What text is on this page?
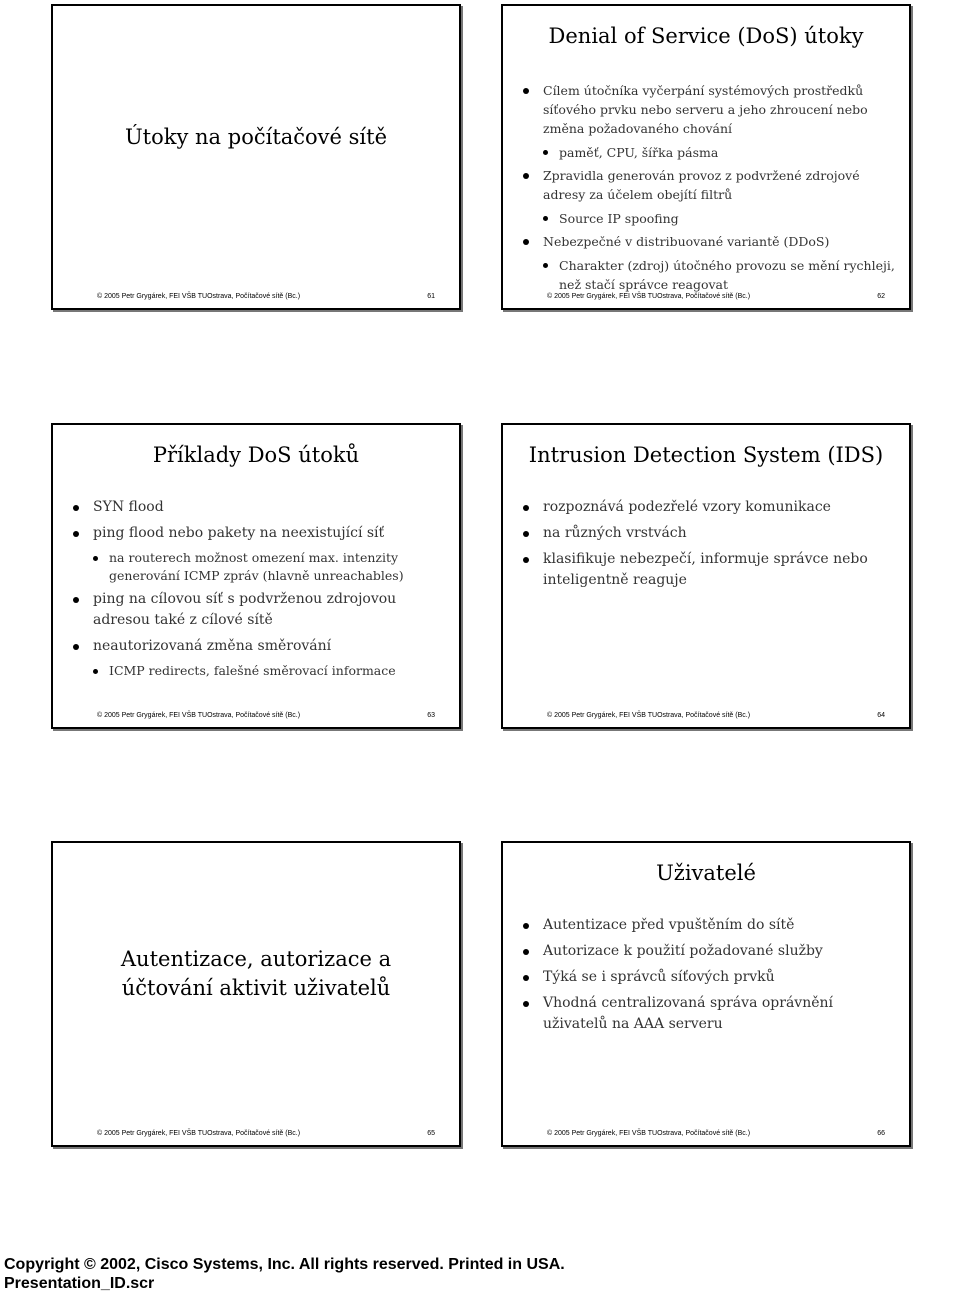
Útoky na počítačové sítě
© 2005 Petr Grygárek, FEI VŠB TUOstrava, Počítačové sítě (Bc.)	61
Denial of Service (DoS) útoky
Cílem útočníka vyčerpání systémových prostředků síťového prvku nebo serveru a jeho zhroucení nebo změna požadovaného chování
paměť, CPU, šířka pásma
Zpravidla generován provoz z podvržené zdrojové adresy za účelem obejítí filtrů
Source IP spoofing
Nebezpečné v distribuované variantě (DDoS)
Charakter (zdroj) útočného provozu se mění rychleji, než stačí správce reagovat
© 2005 Petr Grygárek, FEI VŠB TUOstrava, Počítačové sítě (Bc.)	62
Příklady DoS útoků
SYN flood
ping flood nebo pakety na neexistující síť
na routerech možnost omezení max. intenzity generování ICMP zpráv (hlavně unreachables)
ping na cílovou síť s podvrženou zdrojovou adresou také z cílové sítě
neautorizovaná změna směrování
ICMP redirects, falešné směrovací informace
© 2005 Petr Grygárek, FEI VŠB TUOstrava, Počítačové sítě (Bc.)	63
Intrusion Detection System (IDS)
rozpoznává podezřelé vzory komunikace
na různých vrstvách
klasifikuje nebezpečí, informuje správce nebo inteligentně reaguje
© 2005 Petr Grygárek, FEI VŠB TUOstrava, Počítačové sítě (Bc.)	64
Autentizace, autorizace a účtování aktivit uživatelů
© 2005 Petr Grygárek, FEI VŠB TUOstrava, Počítačové sítě (Bc.)	65
Uživatelé
Autentizace před vpuštěním do sítě
Autorizace k použití požadované služby
Týká se i správců síťových prvků
Vhodná centralizovaná správa oprávnění uživatelů na AAA serveru
© 2005 Petr Grygárek, FEI VŠB TUOstrava, Počítačové sítě (Bc.)	66
Copyright © 2002, Cisco Systems, Inc. All rights reserved. Printed in USA.
Presentation_ID.scr
